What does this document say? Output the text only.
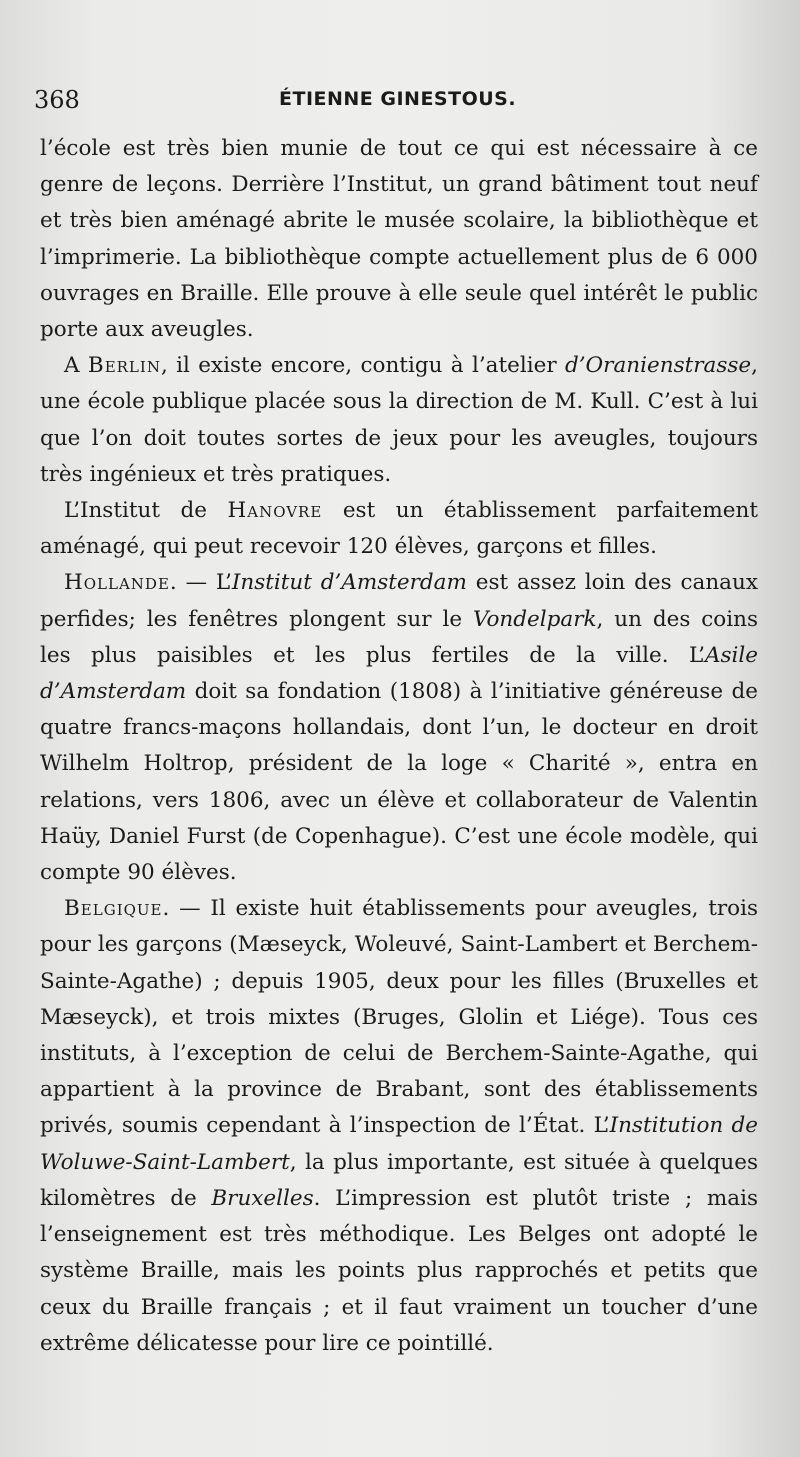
368	ÉTIENNE GINESTOUS.

l’école est très bien munie de tout ce qui est nécessaire à ce genre de leçons. Derrière l’Institut, un grand bâtiment tout neuf et très bien aménagé abrite le musée scolaire, la bibliothèque et l’imprimerie. La bibliothèque compte actuellement plus de 6 000 ouvrages en Braille. Elle prouve à elle seule quel intérêt le public porte aux aveugles.

A Berlin, il existe encore, contigu à l’atelier d’Oranienstrasse, une école publique placée sous la direction de M. Kull. C’est à lui que l’on doit toutes sortes de jeux pour les aveugles, toujours très ingénieux et très pratiques.

L’Institut de Hanovre est un établissement parfaitement aménagé, qui peut recevoir 120 élèves, garçons et filles.

Hollande. — L’Institut d’Amsterdam est assez loin des canaux perfides; les fenêtres plongent sur le Vondelpark, un des coins les plus paisibles et les plus fertiles de la ville. L’Asile d’Amsterdam doit sa fondation (1808) à l’initiative généreuse de quatre francs-maçons hollandais, dont l’un, le docteur en droit Wilhelm Holtrop, président de la loge « Charité », entra en relations, vers 1806, avec un élève et collaborateur de Valentin Haüy, Daniel Furst (de Copenhague). C’est une école modèle, qui compte 90 élèves.

Belgique. — Il existe huit établissements pour aveugles, trois pour les garçons (Mæseyck, Woleuvé, Saint-Lambert et Berchem-Sainte-Agathe) ; depuis 1905, deux pour les filles (Bruxelles et Mæseyck), et trois mixtes (Bruges, Glolin et Liége). Tous ces instituts, à l’exception de celui de Berchem-Sainte-Agathe, qui appartient à la province de Brabant, sont des établissements privés, soumis cependant à l’inspection de l’État. L’Institution de Woluwe-Saint-Lambert, la plus importante, est située à quelques kilomètres de Bruxelles. L’impression est plutôt triste ; mais l’enseignement est très méthodique. Les Belges ont adopté le système Braille, mais les points plus rapprochés et petits que ceux du Braille français ; et il faut vraiment un toucher d’une extrême délicatesse pour lire ce pointillé.
